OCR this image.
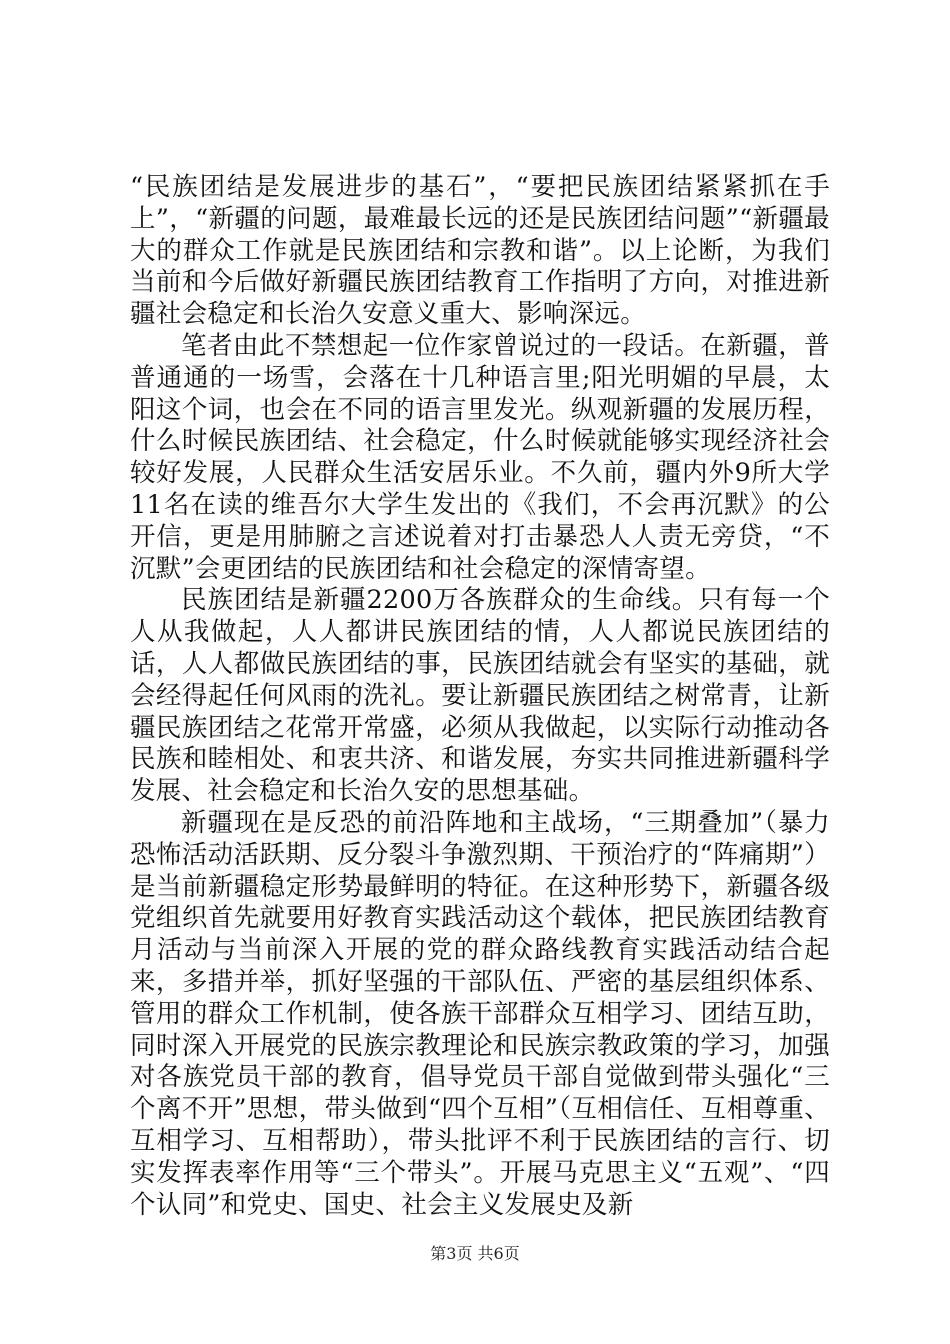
“民族团结是发展进步的基石”，“要把民族团结紧紧抓在手上”，“新疆的问题，最难最长远的还是民族团结问题”“新疆最大的群众工作就是民族团结和宗教和谐”。以上论断，为我们当前和今后做好新疆民族团结教育工作指明了方向，对推进新疆社会稳定和长治久安意义重大、影响深远。

笔者由此不禁想起一位作家曾说过的一段话。在新疆，普普通通的一场雪，会落在十几种语言里;阳光明媚的早晨，太阳这个词，也会在不同的语言里发光。纵观新疆的发展历程，什么时候民族团结、社会稳定，什么时候就能够实现经济社会较好发展，人民群众生活安居乐业。不久前，疆内外9所大学11名在读的维吾尔大学生发出的《我们，不会再沉默》的公开信，更是用肺腑之言述说着对打击暴恐人人责无旁贷，“不沉默”会更团结的民族团结和社会稳定的深情寄望。

民族团结是新疆2200万各族群众的生命线。只有每一个人从我做起，人人都讲民族团结的情，人人都说民族团结的话，人人都做民族团结的事，民族团结就会有坚实的基础，就会经得起任何风雨的洗礼。要让新疆民族团结之树常青，让新疆民族团结之花常开常盛，必须从我做起，以实际行动推动各民族和睦相处、和衷共济、和谐发展，夯实共同推进新疆科学发展、社会稳定和长治久安的思想基础。

新疆现在是反恐的前沿阵地和主战场，“三期叠加”（暴力恐怖活动活跃期、反分裂斗争激烈期、干预治疗的“阵痛期”）是当前新疆稳定形势最鲜明的特征。在这种形势下，新疆各级党组织首先就要用好教育实践活动这个载体，把民族团结教育月活动与当前深入开展的党的群众路线教育实践活动结合起来，多措并举，抓好坚强的干部队伍、严密的基层组织体系、管用的群众工作机制，使各族干部群众互相学习、团结互助，同时深入开展党的民族宗教理论和民族宗教政策的学习，加强对各族党员干部的教育，倡导党员干部自觉做到带头强化“三个离不开”思想，带头做到“四个互相”（互相信任、互相尊重、互相学习、互相帮助），带头批评不利于民族团结的言行、切实发挥表率作用等“三个带头”。开展马克思主义“五观”、“四个认同”和党史、国史、社会主义发展史及新

第3页 共6页
